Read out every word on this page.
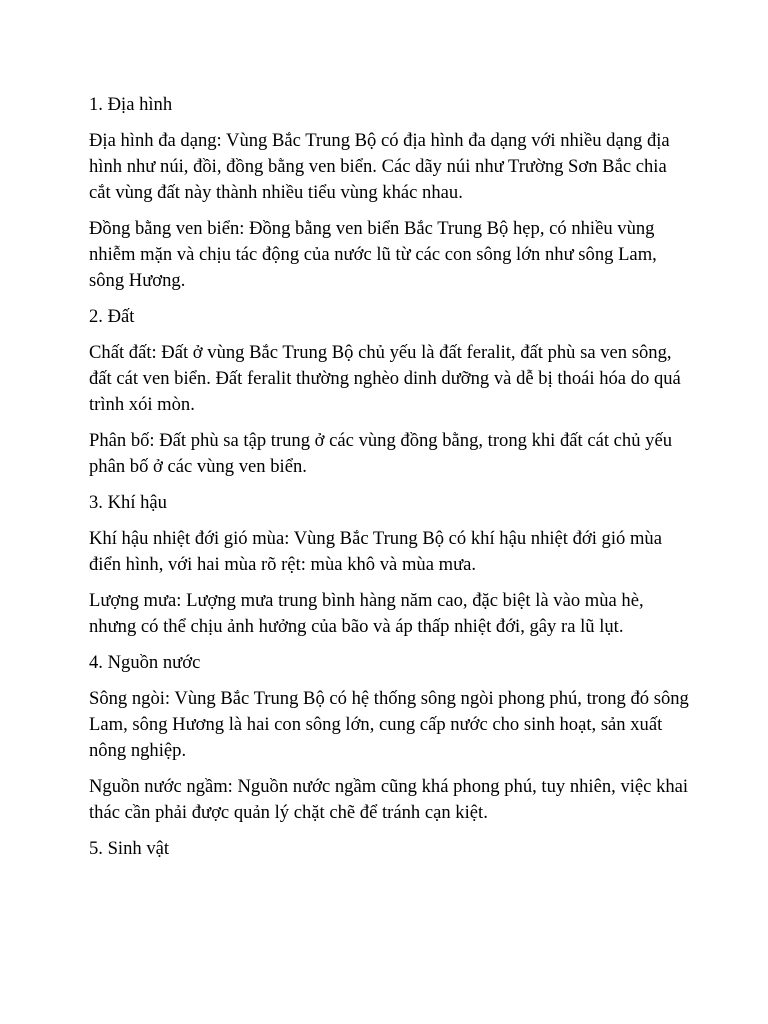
1. Địa hình

Địa hình đa dạng: Vùng Bắc Trung Bộ có địa hình đa dạng với nhiều dạng địa hình như núi, đồi, đồng bằng ven biển. Các dãy núi như Trường Sơn Bắc chia cắt vùng đất này thành nhiều tiểu vùng khác nhau.

Đồng bằng ven biển: Đồng bằng ven biển Bắc Trung Bộ hẹp, có nhiều vùng nhiễm mặn và chịu tác động của nước lũ từ các con sông lớn như sông Lam, sông Hương.

2. Đất

Chất đất: Đất ở vùng Bắc Trung Bộ chủ yếu là đất feralit, đất phù sa ven sông, đất cát ven biển. Đất feralit thường nghèo dinh dưỡng và dễ bị thoái hóa do quá trình xói mòn.

Phân bố: Đất phù sa tập trung ở các vùng đồng bằng, trong khi đất cát chủ yếu phân bố ở các vùng ven biển.

3. Khí hậu

Khí hậu nhiệt đới gió mùa: Vùng Bắc Trung Bộ có khí hậu nhiệt đới gió mùa điển hình, với hai mùa rõ rệt: mùa khô và mùa mưa.

Lượng mưa: Lượng mưa trung bình hàng năm cao, đặc biệt là vào mùa hè, nhưng có thể chịu ảnh hưởng của bão và áp thấp nhiệt đới, gây ra lũ lụt.

4. Nguồn nước

Sông ngòi: Vùng Bắc Trung Bộ có hệ thống sông ngòi phong phú, trong đó sông Lam, sông Hương là hai con sông lớn, cung cấp nước cho sinh hoạt, sản xuất nông nghiệp.

Nguồn nước ngầm: Nguồn nước ngầm cũng khá phong phú, tuy nhiên, việc khai thác cần phải được quản lý chặt chẽ để tránh cạn kiệt.

5. Sinh vật
